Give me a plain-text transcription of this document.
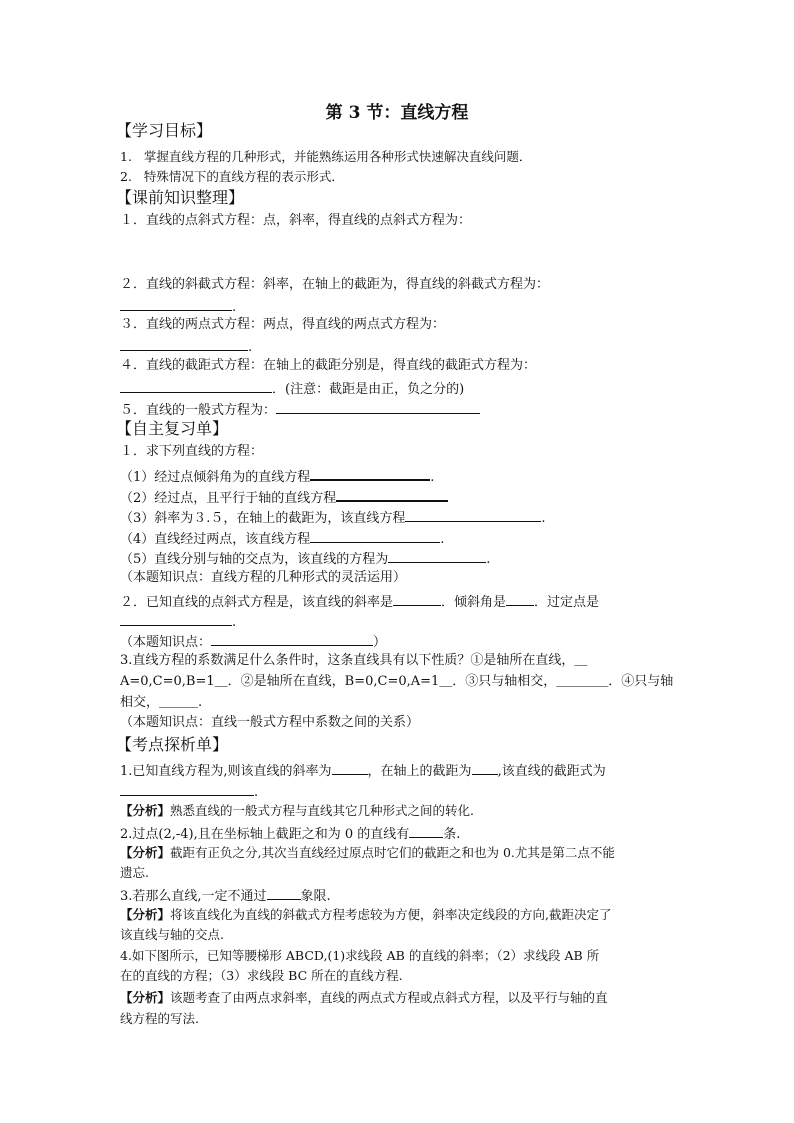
第 3 节：直线方程
【学习目标】
1. 掌握直线方程的几种形式，并能熟练运用各种形式快速解决直线问题．
2. 特殊情况下的直线方程的表示形式．
【课前知识整理】
１．直线的点斜式方程：点，斜率，得直线的点斜式方程为：
２．直线的斜截式方程：斜率，在轴上的截距为，得直线的斜截式方程为：
.
３．直线的两点式方程：两点，得直线的两点式方程为：
.
４．直线的截距式方程：在轴上的截距分别是，得直线的截距式方程为：
．(注意：截距是由正，负之分的)
５．直线的一般式方程为：
【自主复习单】
１．求下列直线的方程：
（1）经过点倾斜角为的直线方程	.
（2）经过点，且平行于轴的直线方程
（3）斜率为３.５，在轴上的截距为，该直线方程	.
（4）直线经过两点，该直线方程	.
（5）直线分别与轴的交点为，该直线的方程为	.
（本题知识点：直线方程的几种形式的灵活运用）
２．已知直线的点斜式方程是，该直线的斜率是	．倾斜角是 ．过定点是
.
（本题知识点：	）
3.直线方程的系数满足什么条件时，这条直线具有以下性质？①是轴所在直线，＿
A=0,C=0,B=1＿．②是轴所在直线，B=0,C=0,A=1＿．③只与轴相交，＿＿＿＿．④只与轴
相交，＿＿＿.
（本题知识点：直线一般式方程中系数之间的关系）
【考点探析单】
1.已知直线方程为,则该直线的斜率为	，在轴上的截距为 ,该直线的截距式为
.
【分析】熟悉直线的一般式方程与直线其它几种形式之间的转化.
2.过点(2,-4),且在坐标轴上截距之和为 0 的直线有	条.
【分析】截距有正负之分,其次当直线经过原点时它们的截距之和也为 0.尤其是第二点不能
遗忘.
3.若那么直线,一定不通过	象限.
【分析】将该直线化为直线的斜截式方程考虑较为方便，斜率决定线段的方向,截距决定了
该直线与轴的交点.
4.如下图所示，已知等腰梯形 ABCD,(1)求线段 AB 的直线的斜率；（2）求线段 AB 所
在的直线的方程；（3）求线段 BC 所在的直线方程.
【分析】该题考查了由两点求斜率，直线的两点式方程或点斜式方程，以及平行与轴的直
线方程的写法.
